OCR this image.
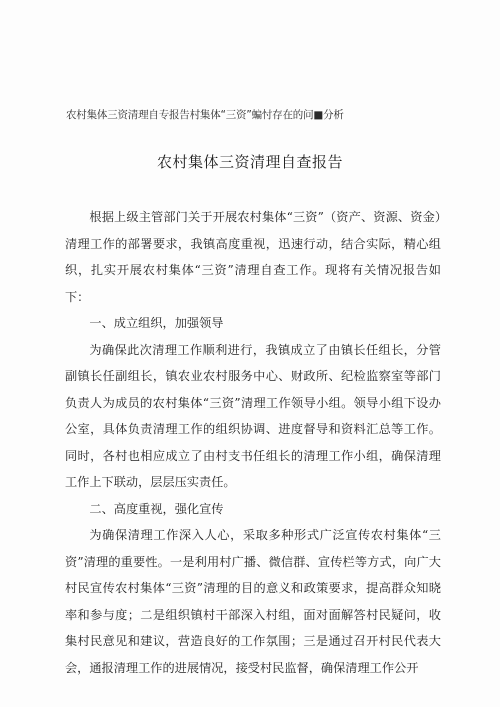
农村集体三资清理自专报告村集体“三资”蝙忖存在的问■分析
农村集体三资清理自查报告

根据上级主管部门关于开展农村集体“三资”（资产、资源、资金）清理工作的部署要求，我镇高度重视，迅速行动，结合实际，精心组织，扎实开展农村集体“三资”清理自查工作。现将有关情况报告如下：

一、成立组织，加强领导

为确保此次清理工作顺利进行，我镇成立了由镇长任组长，分管副镇长任副组长，镇农业农村服务中心、财政所、纪检监察室等部门负责人为成员的农村集体“三资”清理工作领导小组。领导小组下设办公室，具体负责清理工作的组织协调、进度督导和资料汇总等工作。同时，各村也相应成立了由村支书任组长的清理工作小组，确保清理工作上下联动，层层压实责任。

二、高度重视，强化宣传

为确保清理工作深入人心，采取多种形式广泛宣传农村集体“三资”清理的重要性。一是利用村广播、微信群、宣传栏等方式，向广大村民宣传农村集体“三资”清理的目的意义和政策要求，提高群众知晓率和参与度；二是组织镇村干部深入村组，面对面解答村民疑问，收集村民意见和建议，营造良好的工作氛围；三是通过召开村民代表大会，通报清理工作的进展情况，接受村民监督，确保清理工作公开
